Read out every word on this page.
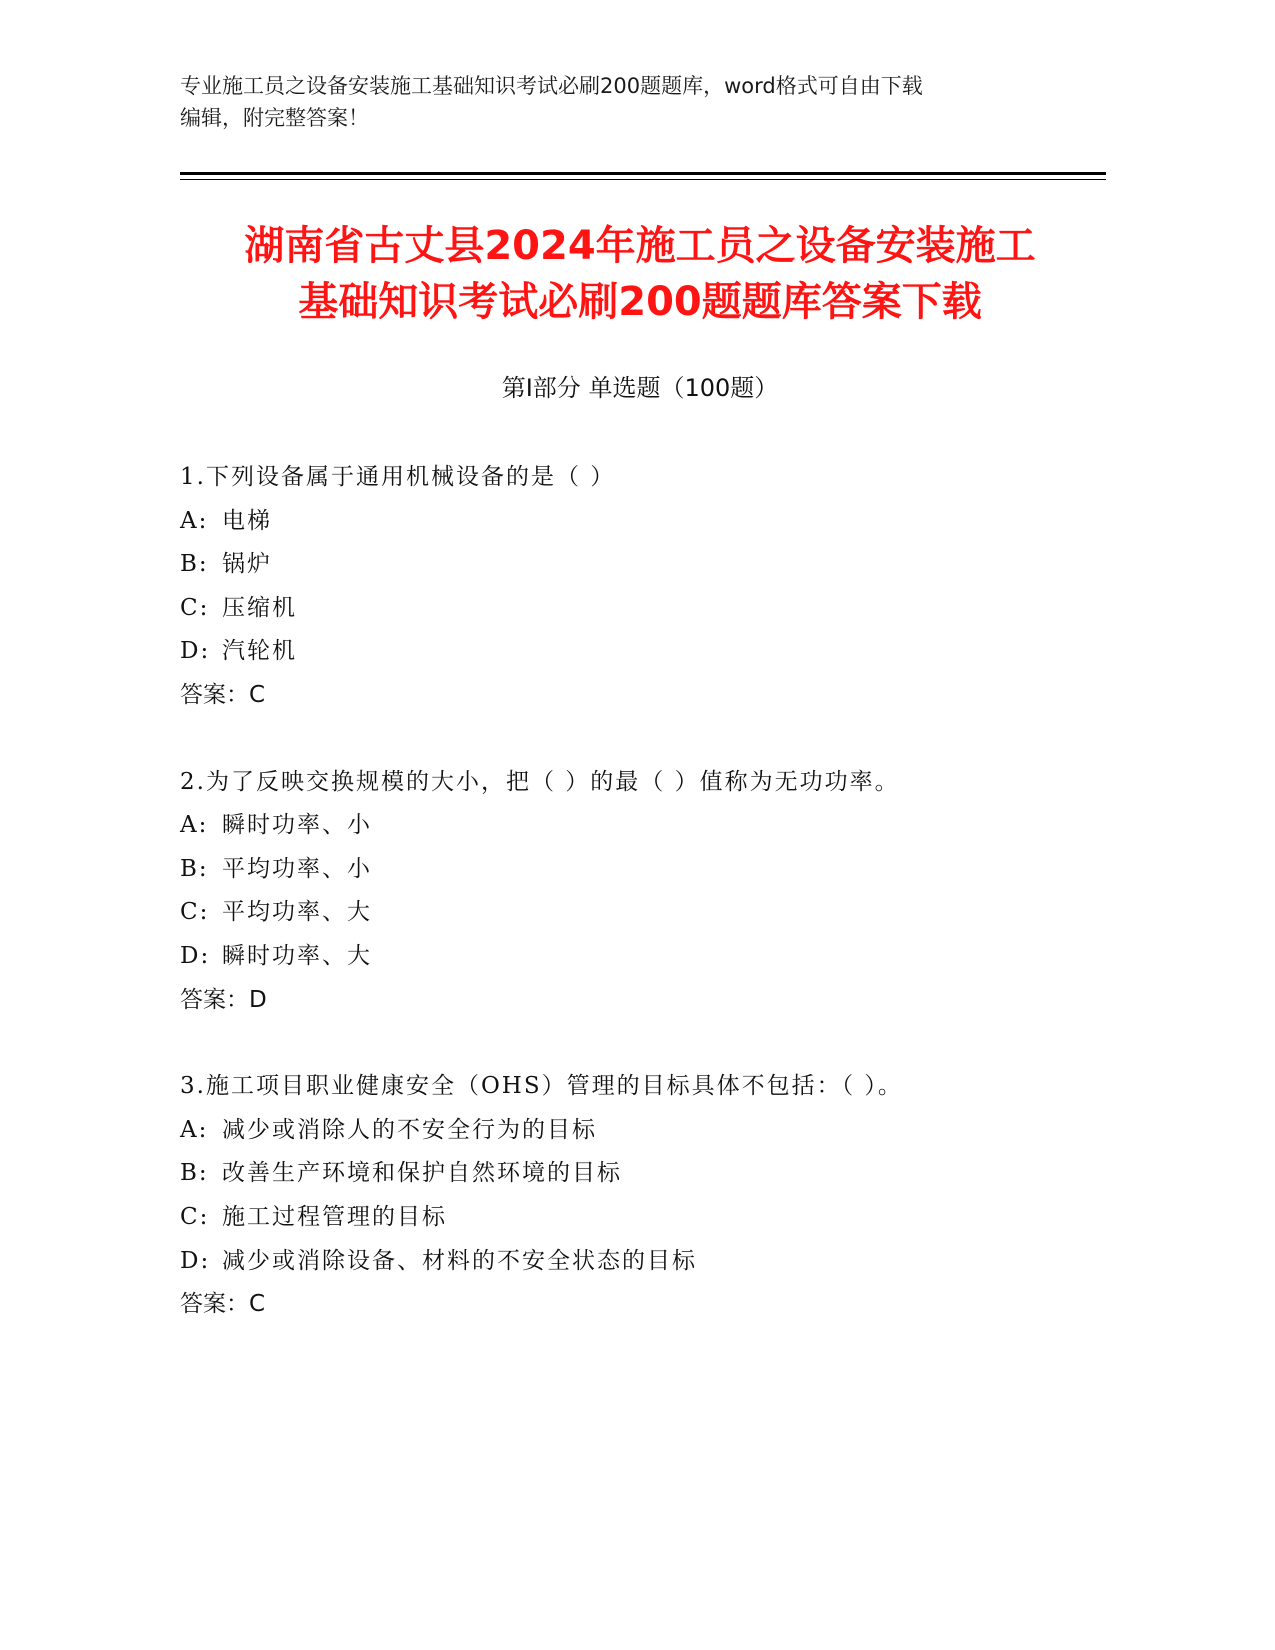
专业施工员之设备安装施工基础知识考试必刷200题题库，word格式可自由下载
编辑，附完整答案！
湖南省古丈县2024年施工员之设备安装施工
基础知识考试必刷200题题库答案下载
第Ⅰ部分 单选题（100题）
1.下列设备属于通用机械设备的是（ ）
A: 电梯
B: 锅炉
C: 压缩机
D: 汽轮机
答案：C
2.为了反映交换规模的大小，把（ ）的最（ ）值称为无功功率。
A: 瞬时功率、小
B: 平均功率、小
C: 平均功率、大
D: 瞬时功率、大
答案：D
3.施工项目职业健康安全（OHS）管理的目标具体不包括：（ ）。
A: 减少或消除人的不安全行为的目标
B: 改善生产环境和保护自然环境的目标
C: 施工过程管理的目标
D: 减少或消除设备、材料的不安全状态的目标
答案：C
